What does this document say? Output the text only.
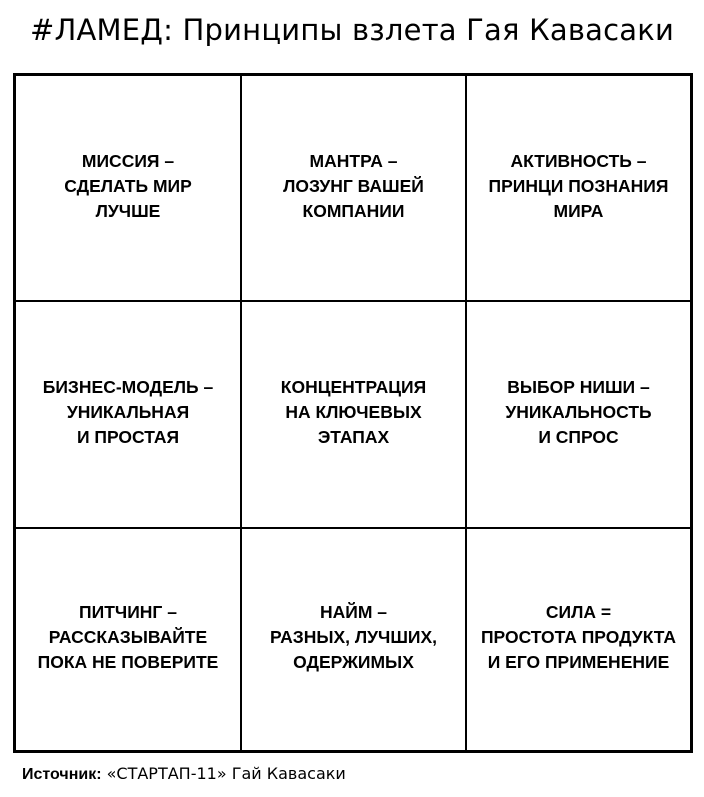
#ЛАМЕД: Принципы взлета Гая Кавасаки
МИССИЯ –
СДЕЛАТЬ МИР
ЛУЧШЕ
МАНТРА –
ЛОЗУНГ ВАШЕЙ
КОМПАНИИ
АКТИВНОСТЬ –
ПРИНЦИ ПОЗНАНИЯ
МИРА
БИЗНЕС-МОДЕЛЬ –
УНИКАЛЬНАЯ
И ПРОСТАЯ
КОНЦЕНТРАЦИЯ
НА КЛЮЧЕВЫХ
ЭТАПАХ
ВЫБОР НИШИ –
УНИКАЛЬНОСТЬ
И СПРОС
ПИТЧИНГ –
РАССКАЗЫВАЙТЕ
ПОКА НЕ ПОВЕРИТЕ
НАЙМ –
РАЗНЫХ, ЛУЧШИХ,
ОДЕРЖИМЫХ
СИЛА =
ПРОСТОТА ПРОДУКТА
И ЕГО ПРИМЕНЕНИЕ
Источник: «СТАРТАП-11» Гай Кавасаки
